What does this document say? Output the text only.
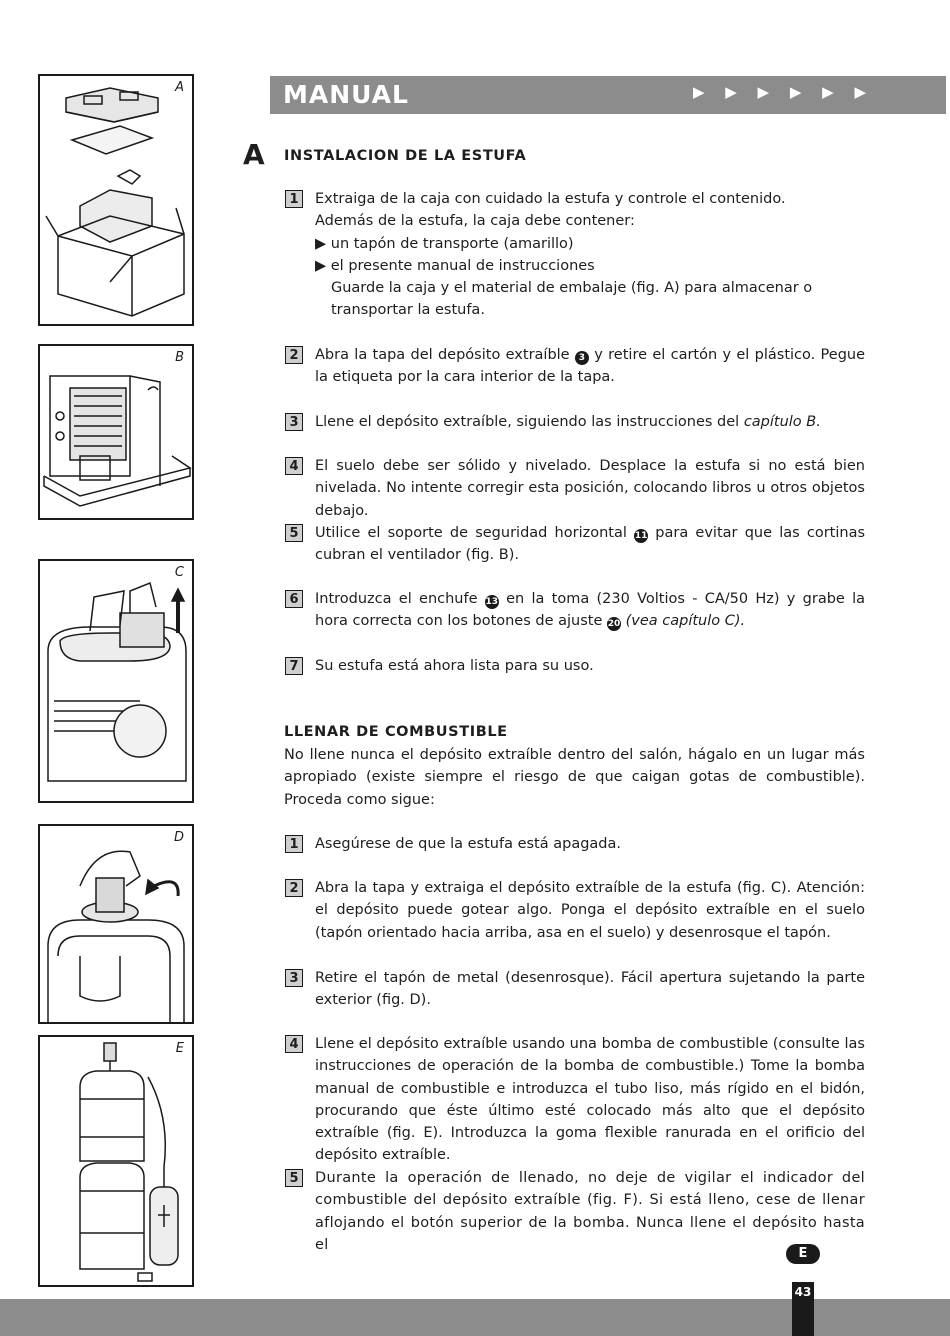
A
B
C
D
E
MANUAL	▶ ▶ ▶ ▶ ▶ ▶
A INSTALACION DE LA ESTUFA
1	Extraiga de la caja con cuidado la estufa y controle el contenido.

Además de la estufa, la caja debe contener:

▶ un tapón de transporte (amarillo)

▶ el presente manual de instrucciones

Guarde la caja y el material de embalaje (fig. A) para almacenar o transportar la estufa.

2	Abra la tapa del depósito extraíble 3 y retire el cartón y el plástico. Pegue la etiqueta por la cara interior de la tapa.
3	Llene el depósito extraíble, siguiendo las instrucciones del capítulo B.
4	El suelo debe ser sólido y nivelado. Desplace la estufa si no está bien nivelada. No intente corregir esta posición, colocando libros u otros objetos debajo.
5	Utilice el soporte de seguridad horizontal 11 para evitar que las cortinas cubran el ventilador (fig. B).
6	Introduzca el enchufe 13 en la toma (230 Voltios - CA/50 Hz) y grabe la hora correcta con los botones de ajuste 20 (vea capítulo C).
7	Su estufa está ahora lista para su uso.
LLENAR DE COMBUSTIBLE
No llene nunca el depósito extraíble dentro del salón, hágalo en un lugar más apropiado (existe siempre el riesgo de que caigan gotas de combustible). Proceda como sigue:
1	Asegúrese de que la estufa está apagada.
2	Abra la tapa y extraiga el depósito extraíble de la estufa (fig. C). Atención: el depósito puede gotear algo. Ponga el depósito extraíble en el suelo (tapón orientado hacia arriba, asa en el suelo) y desenrosque el tapón.
3	Retire el tapón de metal (desenrosque). Fácil apertura sujetando la parte exterior (fig. D).
4	Llene el depósito extraíble usando una bomba de combustible (consulte las instrucciones de operación de la bomba de combustible.) Tome la bomba manual de combustible e introduzca el tubo liso, más rígido en el bidón, procurando que éste último esté colocado más alto que el depósito extraíble (fig. E). Introduzca la goma flexible ranurada en el orificio del depósito extraíble.
5	Durante la operación de llenado, no deje de vigilar el indicador del combustible del depósito extraíble (fig. F). Si está lleno, cese de llenar aflojando el botón superior de la bomba. Nunca llene el depósito hasta el
E
43
